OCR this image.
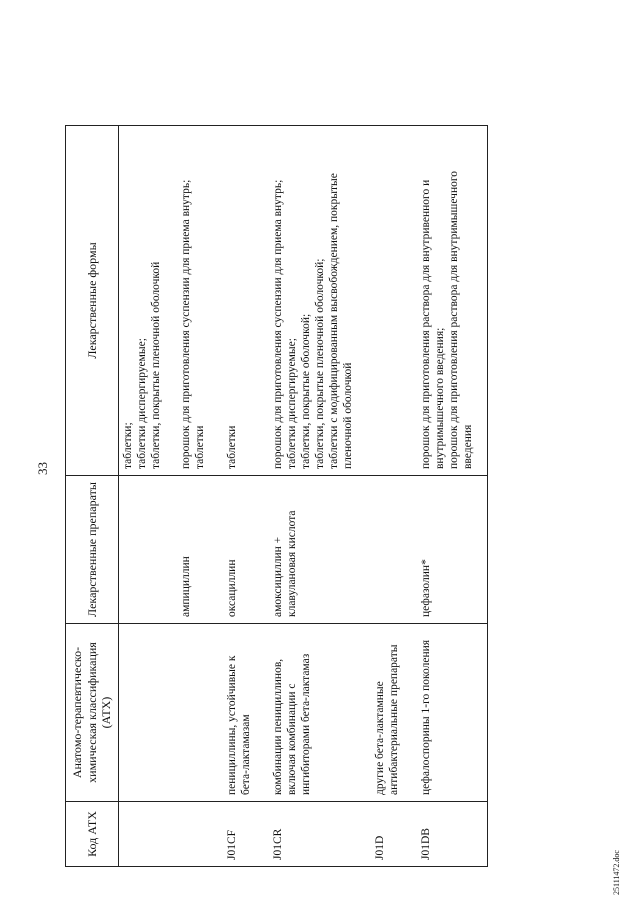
33
Код АТХ	Анатомо-терапевтическо-химическая классификация (АТХ)	Лекарственные препараты	Лекарственные формы

			таблетки; таблетки диспергируемые; таблетки, покрытые пленочной оболочкой

		ампициллин	порошок для приготовления суспензии для приема внутрь; таблетки

J01CF	пенициллины, устойчивые к бета-лактамазам	оксациллин	таблетки

J01CR	комбинации пенициллинов, включая комбинации с ингибиторами бета-лактамаз	амоксициллин + клавулановая кислота	порошок для приготовления суспензии для приема внутрь; таблетки диспергируемые; таблетки, покрытые оболочкой; таблетки, покрытые пленочной оболочкой; таблетки с модифицированным высвобождением, покрытые пленочной оболочкой

J01D	другие бета-лактамные антибактериальные препараты		
J01DB	цефалоспорины 1-го поколения	цефазолин*	порошок для приготовления раствора для внутривенного и внутримышечного введения; порошок для приготовления раствора для внутримышечного введения
25111472.doc
